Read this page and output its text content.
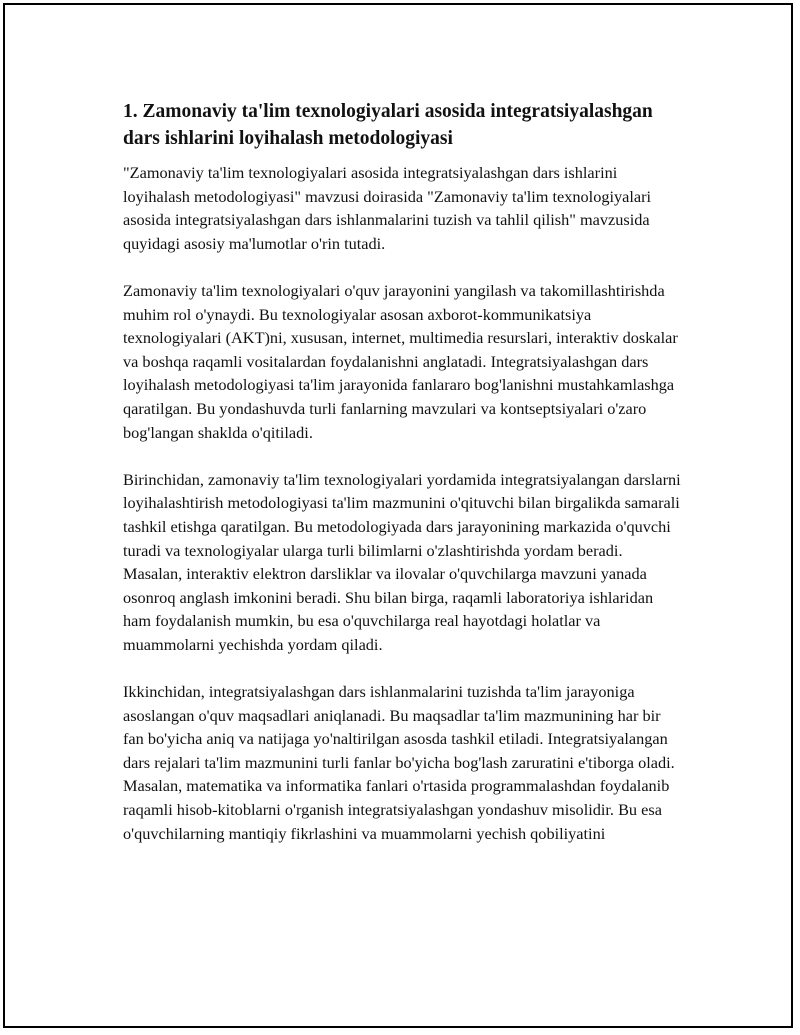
1. Zamonaviy ta'lim texnologiyalari asosida integratsiyalashgan dars ishlarini loyihalash metodologiyasi

"Zamonaviy ta'lim texnologiyalari asosida integratsiyalashgan dars ishlarini loyihalash metodologiyasi" mavzusi doirasida "Zamonaviy ta'lim texnologiyalari asosida integratsiyalashgan dars ishlanmalarini tuzish va tahlil qilish" mavzusida quyidagi asosiy ma'lumotlar o'rin tutadi.

Zamonaviy ta'lim texnologiyalari o'quv jarayonini yangilash va takomillashtirishda muhim rol o'ynaydi. Bu texnologiyalar asosan axborot-kommunikatsiya texnologiyalari (AKT)ni, xususan, internet, multimedia resurslari, interaktiv doskalar va boshqa raqamli vositalardan foydalanishni anglatadi. Integratsiyalashgan dars loyihalash metodologiyasi ta'lim jarayonida fanlararo bog'lanishni mustahkamlashga qaratilgan. Bu yondashuvda turli fanlarning mavzulari va kontseptsiyalari o'zaro bog'langan shaklda o'qitiladi.

Birinchidan, zamonaviy ta'lim texnologiyalari yordamida integratsiyalangan darslarni loyihalashtirish metodologiyasi ta'lim mazmunini o'qituvchi bilan birgalikda samarali tashkil etishga qaratilgan. Bu metodologiyada dars jarayonining markazida o'quvchi turadi va texnologiyalar ularga turli bilimlarni o'zlashtirishda yordam beradi. Masalan, interaktiv elektron darsliklar va ilovalar o'quvchilarga mavzuni yanada osonroq anglash imkonini beradi. Shu bilan birga, raqamli laboratoriya ishlaridan ham foydalanish mumkin, bu esa o'quvchilarga real hayotdagi holatlar va muammolarni yechishda yordam qiladi.

Ikkinchidan, integratsiyalashgan dars ishlanmalarini tuzishda ta'lim jarayoniga asoslangan o'quv maqsadlari aniqlanadi. Bu maqsadlar ta'lim mazmunining har bir fan bo'yicha aniq va natijaga yo'naltirilgan asosda tashkil etiladi. Integratsiyalangan dars rejalari ta'lim mazmunini turli fanlar bo'yicha bog'lash zaruratini e'tiborga oladi. Masalan, matematika va informatika fanlari o'rtasida programmalashdan foydalanib raqamli hisob-kitoblarni o'rganish integratsiyalashgan yondashuv misolidir. Bu esa o'quvchilarning mantiqiy fikrlashini va muammolarni yechish qobiliyatini
